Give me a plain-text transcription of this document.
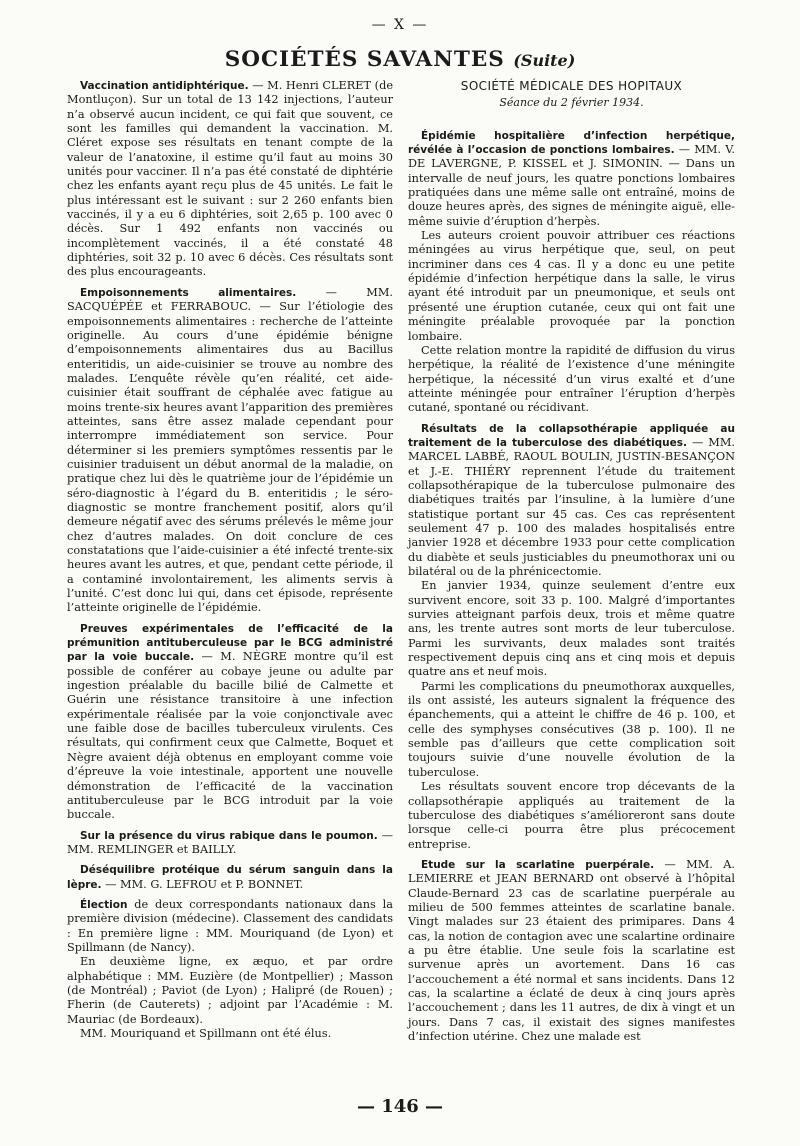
— X —
SOCIÉTÉS SAVANTES (Suite)

Vaccination antidiphtérique. — M. Henri CLERET (de Montluçon). Sur un total de 13 142 injections, l’auteur n’a observé aucun incident, ce qui fait que souvent, ce sont les familles qui demandent la vaccination. M. Cléret expose ses résultats en tenant compte de la valeur de l’anatoxine, il estime qu’il faut au moins 30 unités pour vacciner. Il n’a pas été constaté de diphtérie chez les enfants ayant reçu plus de 45 unités. Le fait le plus intéressant est le suivant : sur 2 260 enfants bien vaccinés, il y a eu 6 diphtéries, soit 2,65 p. 100 avec 0 décès. Sur 1 492 enfants non vaccinés ou incomplètement vaccinés, il a été constaté 48 diphtéries, soit 32 p. 10 avec 6 décès. Ces résultats sont des plus encourageants.

Empoisonnements alimentaires.	— MM. SACQUÉPÉE et FERRABOUC. — Sur l’étiologie des empoisonnements alimentaires : recherche de l’atteinte originelle. Au cours d’une épidémie bénigne d’empoisonnements alimentaires dus au Bacillus enteritidis, un aide-cuisinier se trouve au nombre des malades. L’enquête révèle qu’en réalité, cet aide-cuisinier était souffrant de céphalée avec fatigue au moins trente-six heures avant l’apparition des premières atteintes, sans être assez malade cependant pour interrompre immédiatement son service. Pour déterminer si les premiers symptômes ressentis par le cuisinier traduisent un début anormal de la maladie, on pratique chez lui dès le quatrième jour de l’épidémie un séro-diagnostic à l’égard du B. enteritidis ; le séro-diagnostic se montre franchement positif, alors qu’il demeure négatif avec des sérums prélevés le même jour chez d’autres malades. On doit conclure de ces constatations que l’aide-cuisinier a été infecté trente-six heures avant les autres, et que, pendant cette période, il a contaminé involontairement, les aliments servis à l’unité. C’est donc lui qui, dans cet épisode, représente l’atteinte originelle de l’épidémie.

Preuves expérimentales de l’efficacité de la prémunition antituberculeuse par le BCG administré par la voie buccale. — M. NÈGRE montre qu’il est possible de conférer au cobaye jeune ou adulte par ingestion préalable du bacille bilié de Calmette et Guérin une résistance transitoire à une infection expérimentale réalisée par la voie conjonctivale avec une faible dose de bacilles tuberculeux virulents. Ces résultats, qui confirment ceux que Calmette, Boquet et Nègre avaient déjà obtenus en employant comme voie d’épreuve la voie intestinale, apportent une nouvelle démonstration de l’efficacité de la vaccination antituberculeuse par le BCG introduit par la voie buccale.

Sur la présence du virus rabique dans le poumon. — MM. REMLINGER et BAILLY.

Déséquilibre protéique du sérum sanguin dans la lèpre. — MM. G. LEFROU et P. BONNET.

Élection de deux correspondants nationaux dans la première division (médecine). Classement des candidats : En première ligne : MM. Mouriquand (de Lyon) et Spillmann (de Nancy).

En deuxième ligne, ex æquo, et par ordre alphabétique : MM. Euzière (de Montpellier) ; Masson (de Montréal) ; Paviot (de Lyon) ; Halipré (de Rouen) ; Fherin (de Cauterets) ; adjoint par l’Académie : M. Mauriac (de Bordeaux).

MM. Mouriquand et Spillmann ont été élus.

SOCIÉTÉ MÉDICALE DES HOPITAUX
Séance du 2 février 1934.

Épidémie hospitalière d’infection herpétique, révélée à l’occasion de ponctions lombaires. — MM. V. DE LAVERGNE, P. KISSEL et J. SIMONIN. — Dans un intervalle de neuf jours, les quatre ponctions lombaires pratiquées dans une même salle ont entraîné, moins de douze heures après, des signes de méningite aiguë, elle-même suivie d’éruption d’herpès.

Les auteurs croient pouvoir attribuer ces réactions méningées au virus herpétique que, seul, on peut incriminer dans ces 4 cas. Il y a donc eu une petite épidémie d’infection herpétique dans la salle, le virus ayant été introduit par un pneumonique, et seuls ont présenté une éruption cutanée, ceux qui ont fait une méningite préalable provoquée par la ponction lombaire.

Cette relation montre la rapidité de diffusion du virus herpétique, la réalité de l’existence d’une méningite herpétique, la nécessité d’un virus exalté et d’une atteinte méningée pour entraîner l’éruption d’herpès cutané, spontané ou récidivant.

Résultats de la collapsothérapie appliquée au traitement de la tuberculose des diabétiques. — MM. MARCEL LABBÉ, RAOUL BOULIN, JUSTIN-BESANÇON et J.-E. THIÉRY reprennent l’étude du traitement collapsothérapique de la tuberculose pulmonaire des diabétiques traités par l’insuline, à la lumière d’une statistique portant sur 45 cas. Ces cas représentent seulement 47 p. 100 des malades hospitalisés entre janvier 1928 et décembre 1933 pour cette complication du diabète et seuls justiciables du pneumothorax uni ou bilatéral ou de la phrénicectomie.

En janvier 1934, quinze seulement d’entre eux survivent encore, soit 33 p. 100. Malgré d’importantes survies atteignant parfois deux, trois et même quatre ans, les trente autres sont morts de leur tuberculose. Parmi les survivants, deux malades sont traités respectivement depuis cinq ans et cinq mois et depuis quatre ans et neuf mois.

Parmi les complications du pneumothorax auxquelles, ils ont assisté, les auteurs signalent la fréquence des épanchements, qui a atteint le chiffre de 46 p. 100, et celle des symphyses consécutives (38 p. 100). Il ne semble pas d’ailleurs que cette complication soit toujours suivie d’une nouvelle évolution de la tuberculose.

Les résultats souvent encore trop décevants de la collapsothérapie appliqués au traitement de la tuberculose des diabétiques s’amélioreront sans doute lorsque celle-ci pourra être plus précocement entreprise.

Etude sur la scarlatine puerpérale. — MM. A. LEMIERRE et JEAN BERNARD ont observé à l’hôpital Claude-Bernard 23 cas de scarlatine puerpérale au milieu de 500 femmes atteintes de scarlatine banale. Vingt malades sur 23 étaient des primipares. Dans 4 cas, la notion de contagion avec une scalartine ordinaire a pu être établie. Une seule fois la scarlatine est survenue après un avortement. Dans 16 cas l’accouchement a été normal et sans incidents. Dans 12 cas, la scalartine a éclaté de deux à cinq jours après l’accouchement ; dans les 11 autres, de dix à vingt et un jours. Dans 7 cas, il existait des signes manifestes d’infection utérine. Chez une malade est

— 146 —
